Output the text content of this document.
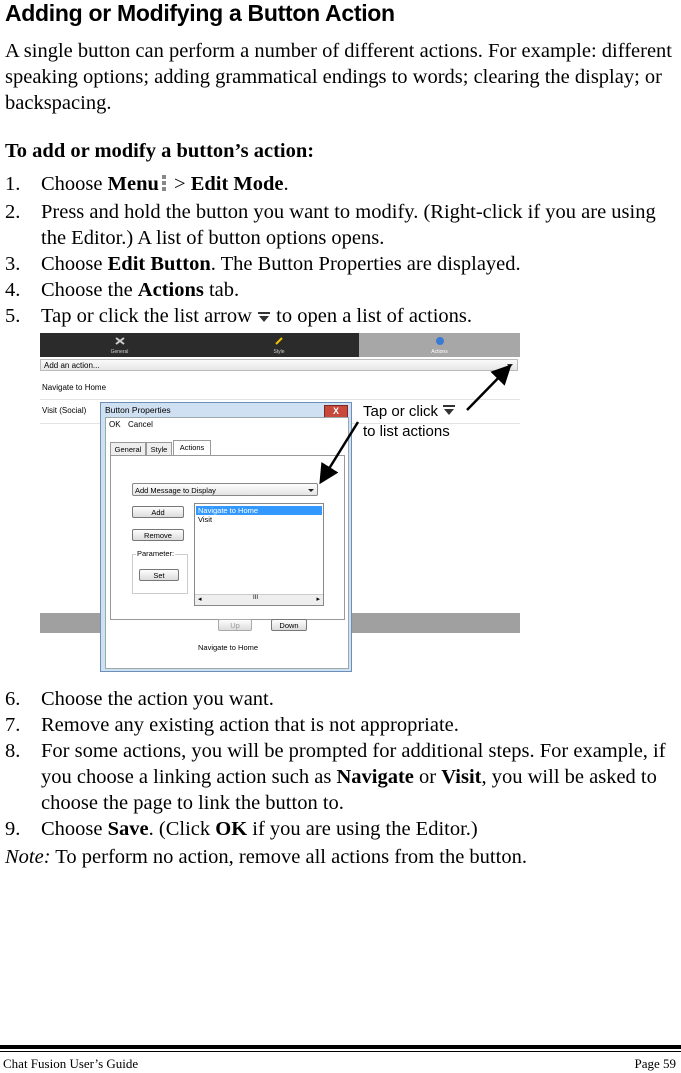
Adding or Modifying a Button Action
A single button can perform a number of different actions. For example: different speaking options; adding grammatical endings to words; clearing the display; or backspacing.
To add or modify a button’s action:
1. Choose Menu > Edit Mode.
2. Press and hold the button you want to modify. (Right-click if you are using the Editor.) A list of button options opens.
3. Choose Edit Button. The Button Properties are displayed.
4. Choose the Actions tab.
5. Tap or click the list arrow  to open a list of actions.
General	Style	Actions
Add an action...
Navigate to Home
Visit (Social) Button Properties	X
OK Cancel
General	Style	Actions
Add Message to Display
Add
Remove
Parameter:
Set
Navigate to Home
Visit
◂	III	▸
Up	Down
Navigate to Home
Tap or click
to list actions
6. Choose the action you want.
7. Remove any existing action that is not appropriate.
8. For some actions, you will be prompted for additional steps. For example, if you choose a linking action such as Navigate or Visit, you will be asked to choose the page to link the button to.
9. Choose Save. (Click OK if you are using the Editor.)
Note: To perform no action, remove all actions from the button.
Chat Fusion User’s Guide	Page 59
